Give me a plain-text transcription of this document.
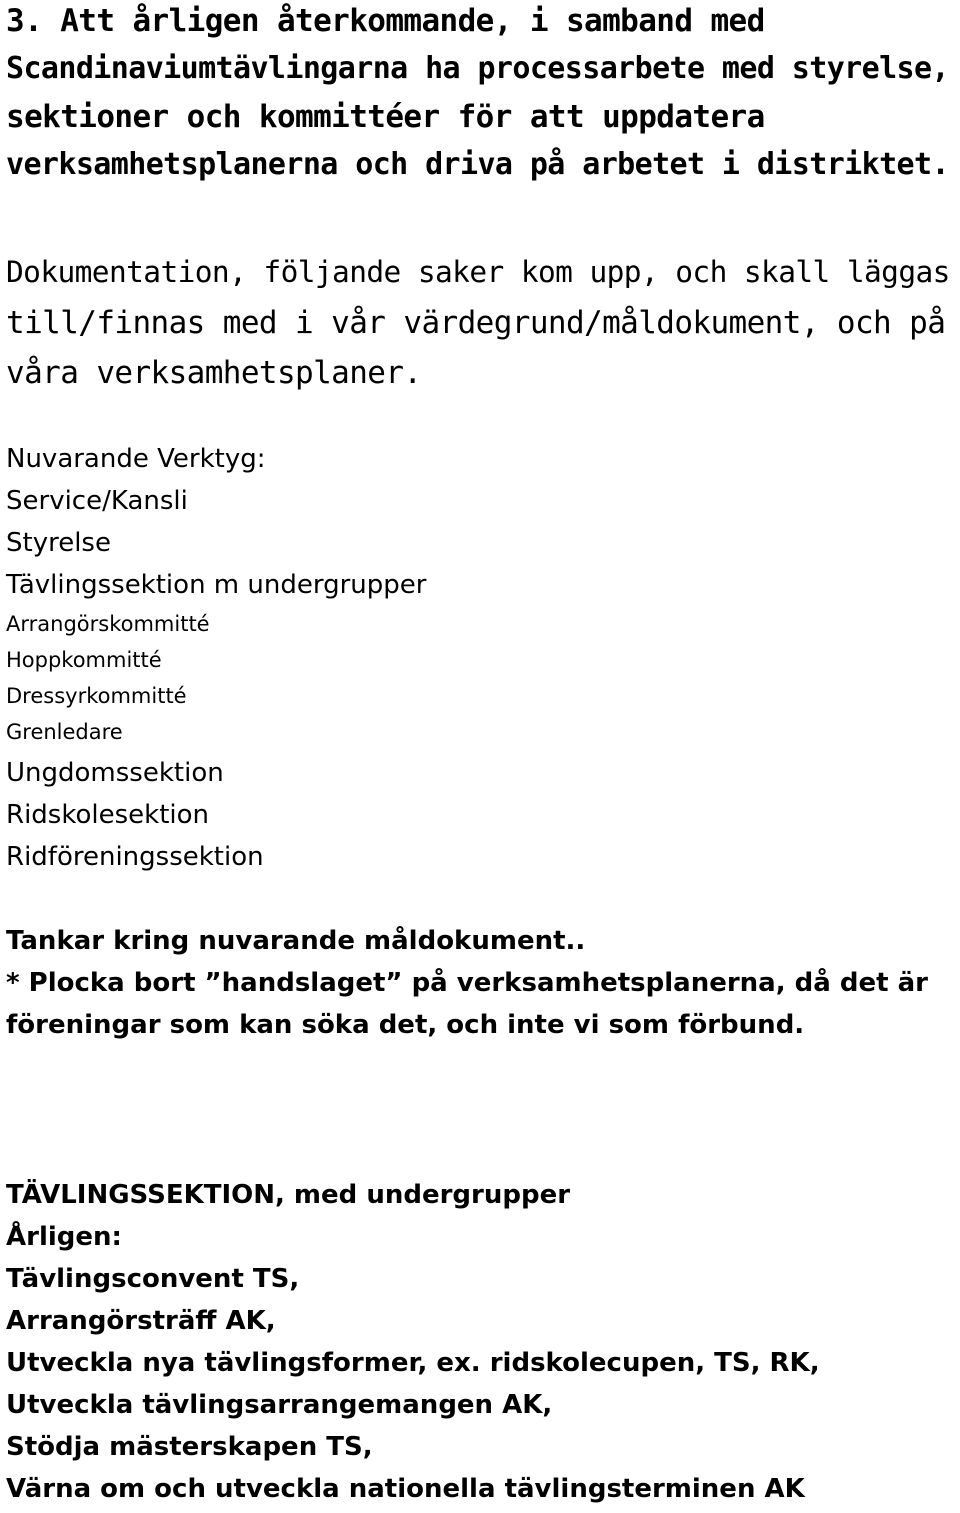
3. Att årligen återkommande, i samband med
Scandinaviumtävlingarna ha processarbete med styrelse,
sektioner och kommittéer för att uppdatera
verksamhetsplanerna och driva på arbetet i distriktet.
Dokumentation, följande saker kom upp, och skall läggas
till/finnas med i vår värdegrund/måldokument, och på
våra verksamhetsplaner.
Nuvarande Verktyg:
Service/Kansli
Styrelse
Tävlingssektion m undergrupper
Arrangörskommitté
Hoppkommitté
Dressyrkommitté
Grenledare
Ungdomssektion
Ridskolesektion
Ridföreningssektion
Tankar kring nuvarande måldokument..
* Plocka bort ”handslaget” på verksamhetsplanerna, då det är
föreningar som kan söka det, och inte vi som förbund.
TÄVLINGSSEKTION, med undergrupper
Årligen:
Tävlingsconvent TS,
Arrangörsträff AK,
Utveckla nya tävlingsformer, ex. ridskolecupen, TS, RK,
Utveckla tävlingsarrangemangen AK,
Stödja mästerskapen TS,
Värna om och utveckla nationella tävlingsterminen AK
